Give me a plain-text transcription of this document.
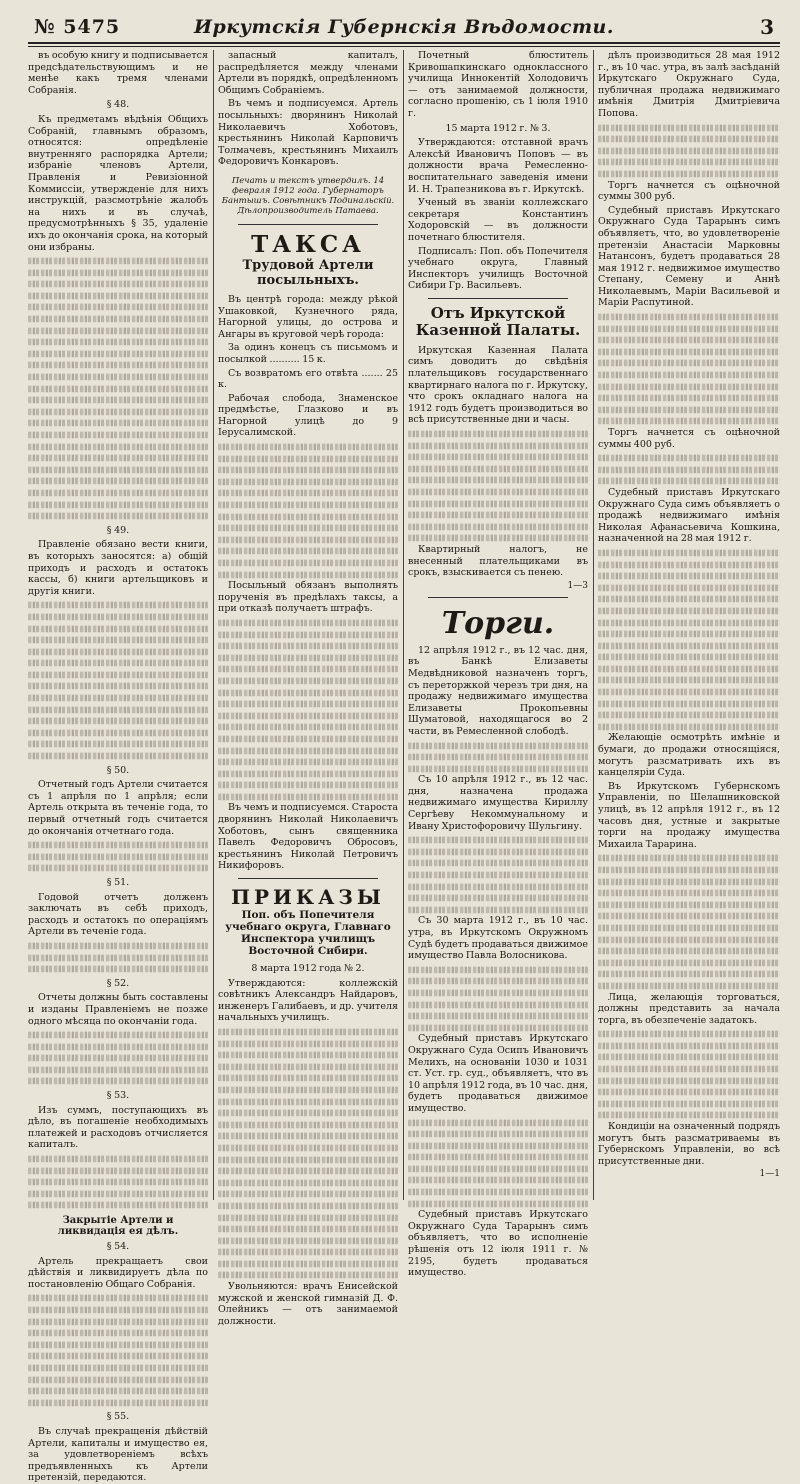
№ 5475	Иркутскія Губернскія Вѣдомости.	3

въ особую книгу и подписывается предсѣдательствующимъ и не менѣе какъ тремя членами Собранія.

§ 48.

Къ предметамъ вѣдѣнія Общихъ Собраній, главнымъ образомъ, относятся: опредѣленіе внутренняго распорядка Артели; избраніе членовъ Артели, Правленія и Ревизіонной Коммиссіи, утвержденіе для нихъ инструкцій, разсмотрѣніе жалобъ на нихъ и въ случаѣ, предусмотрѣнныхъ § 35, удаленіе ихъ до окончанія срока, на который они избраны.

§ 49.

Правленіе обязано вести книги, въ которыхъ заносятся: а) общій приходъ и расходъ и остатокъ кассы, б) книги артельщиковъ и другія книги.

§ 50.

Отчетный годъ Артели считается съ 1 апрѣля по 1 апрѣля; если Артель открыта въ теченіе года, то первый отчетный годъ считается до окончанія отчетнаго года.

§ 51.

Годовой отчетъ долженъ заключать въ себѣ приходъ, расходъ и остатокъ по операціямъ Артели въ теченіе года.

§ 52.

Отчеты должны быть составлены и изданы Правленіемъ не позже одного мѣсяца по окончаніи года.

§ 53.

Изъ суммъ, поступающихъ въ дѣло, въ погашеніе необходимыхъ платежей и расходовъ отчисляется капиталъ.

Закрытіе Артели и ликвидація ея дѣлъ.

§ 54.

Артель прекращаетъ свои дѣйствія и ликвидируетъ дѣла по постановленію Общаго Собранія.

§ 55.

Въ случаѣ прекращенія дѣйствій Артели, капиталы и имущество ея, за удовлетвореніемъ всѣхъ предъявленныхъ къ Артели претензій, передаются.

запасный капиталъ, распредѣляется между членами Артели въ порядкѣ, опредѣленномъ Общимъ Собраніемъ.

Въ чемъ и подписуемся. Артель посыльныхъ: дворянинъ Николай Николаевичъ Хоботовъ, крестьянинъ Николай Карповичъ Толмачевъ, крестьянинъ Михаилъ Федоровичъ Конкаровъ.

Печать и текстъ утвердилъ. 14 февраля 1912 года. Губернаторъ Бантышъ. Совѣтникъ Подинальскій. Дѣлопроизводитель Патаева.

ТАКСА

Трудовой Артели посыльныхъ.

Въ центрѣ города: между рѣкой Ушаковкой, Кузнечного ряда, Нагорной улицы, до острова и Ангары въ круговой черѣ города:

За одинъ конецъ съ письмомъ и посылкой .......... 15 к.

Съ возвратомъ его отвѣта ....... 25 к.

Рабочая слобода, Знаменское предмѣстье, Глазково и въ Нагорной улицѣ до 9 Іерусалимской.

Посыльный обязанъ выполнять порученія въ предѣлахъ таксы, а при отказѣ получаетъ штрафъ.

Въ чемъ и подписуемся. Староста дворянинъ Николай Николаевичъ Хоботовъ, сынъ священника Павелъ Федоровичъ Обросовъ, крестьянинъ Николай Петровичъ Никифоровъ.

ПРИКАЗЫ

Поп. объ Попечителя учебнаго округа, Главнаго Инспектора училищъ Восточной Сибири.

8 марта 1912 года № 2.

Утверждаются: коллежскій совѣтникъ Александръ Найдаровъ, инженеръ Галибаевъ, и др. учителя начальныхъ училищъ.

Увольняются: врачъ Енисейской мужской и женской гимназій Д. Ф. Олейникъ — отъ занимаемой должности.

Почетный блюститель Кривошапкинскаго одноклассного училища Иннокентій Холодовичъ — отъ занимаемой должности, согласно прошенію, съ 1 іюля 1910 г.

15 марта 1912 г. № 3.

Утверждаются: отставной врачъ Алексѣй Ивановичъ Поповъ — въ должности врача Ремесленно-воспитательнаго заведенія имени И. Н. Трапезникова въ г. Иркутскѣ.

Ученый въ званіи коллежскаго секретаря Константинъ Ходоровскій — въ должности почетнаго блюстителя.

Подписалъ: Поп. объ Попечителя учебнаго округа, Главный Инспекторъ училищъ Восточной Сибири Гр. Васильевъ.

Отъ Иркутской Казенной Палаты.

Иркутская Казенная Палата симъ доводитъ до свѣдѣнія плательщиковъ государственнаго квартирнаго налога по г. Иркутску, что срокъ окладнаго налога на 1912 годъ будетъ производиться во всѣ присутственные дни и часы.

Квартирный налогъ, не внесенный плательщиками въ срокъ, взыскивается съ пенею.

1—3

Торги.

12 апрѣля 1912 г., въ 12 час. дня, въ Банкѣ Елизаветы Медвѣдниковой назначенъ торгъ, съ переторжкой черезъ три дня, на продажу недвижимаго имущества Елизаветы Прокопьевны Шуматовой, находящагося во 2 части, въ Ремесленной слободѣ.

Съ 10 апрѣля 1912 г., въ 12 час. дня, назначена продажа недвижимаго имущества Кириллу Сергѣеву Некоммунальному и Ивану Христофоровичу Шульгину.

Съ 30 марта 1912 г., въ 10 час. утра, въ Иркутскомъ Окружномъ Судѣ будетъ продаваться движимое имущество Павла Волосникова.

Судебный приставъ Иркутскаго Окружнаго Суда Осипъ Ивановичъ Мелихъ, на основаніи 1030 и 1031 ст. Уст. гр. суд., объявляетъ, что въ 10 апрѣля 1912 года, въ 10 час. дня, будетъ продаваться движимое имущество.

Судебный приставъ Иркутскаго Окружнаго Суда Тарарынъ симъ объявляетъ, что во исполненіе рѣшенія отъ 12 іюля 1911 г. № 2195, будетъ продаваться имущество.

дѣлъ производиться 28 мая 1912 г., въ 10 час. утра, въ залѣ засѣданій Иркутскаго Окружнаго Суда, публичная продажа недвижимаго имѣнія Дмитрія Дмитріевича Попова.

Торгъ начнется съ оцѣночной суммы 300 руб.

Судебный приставъ Иркутскаго Окружнаго Суда Тарарынъ симъ объявляетъ, что, во удовлетвореніе претензіи Анастасіи Марковны Натансонъ, будетъ продаваться 28 мая 1912 г. недвижимое имущество Степану, Семену и Аннѣ Николаевымъ, Маріи Васильевой и Маріи Распутиной.

Торгъ начнется съ оцѣночной суммы 400 руб.

Судебный приставъ Иркутскаго Окружнаго Суда симъ объявляетъ о продажѣ недвижимаго имѣнія Николая Афанасьевича Кошкина, назначенной на 28 мая 1912 г.

Желающіе осмотрѣть имѣніе и бумаги, до продажи относящіяся, могутъ разсматривать ихъ въ канцеляріи Суда.

Въ Иркутскомъ Губернскомъ Управленіи, по Шелашниковской улицѣ, въ 12 апрѣля 1912 г., въ 12 часовъ дня, устные и закрытые торги на продажу имущества Михаила Тарарина.

Лица, желающія торговаться, должны представить за начала торга, въ обезпеченіе задатокъ.

Кондиціи на означенный подрядъ могутъ быть разсматриваемы въ Губернскомъ Управленіи, во всѣ присутственные дни.

1—1
